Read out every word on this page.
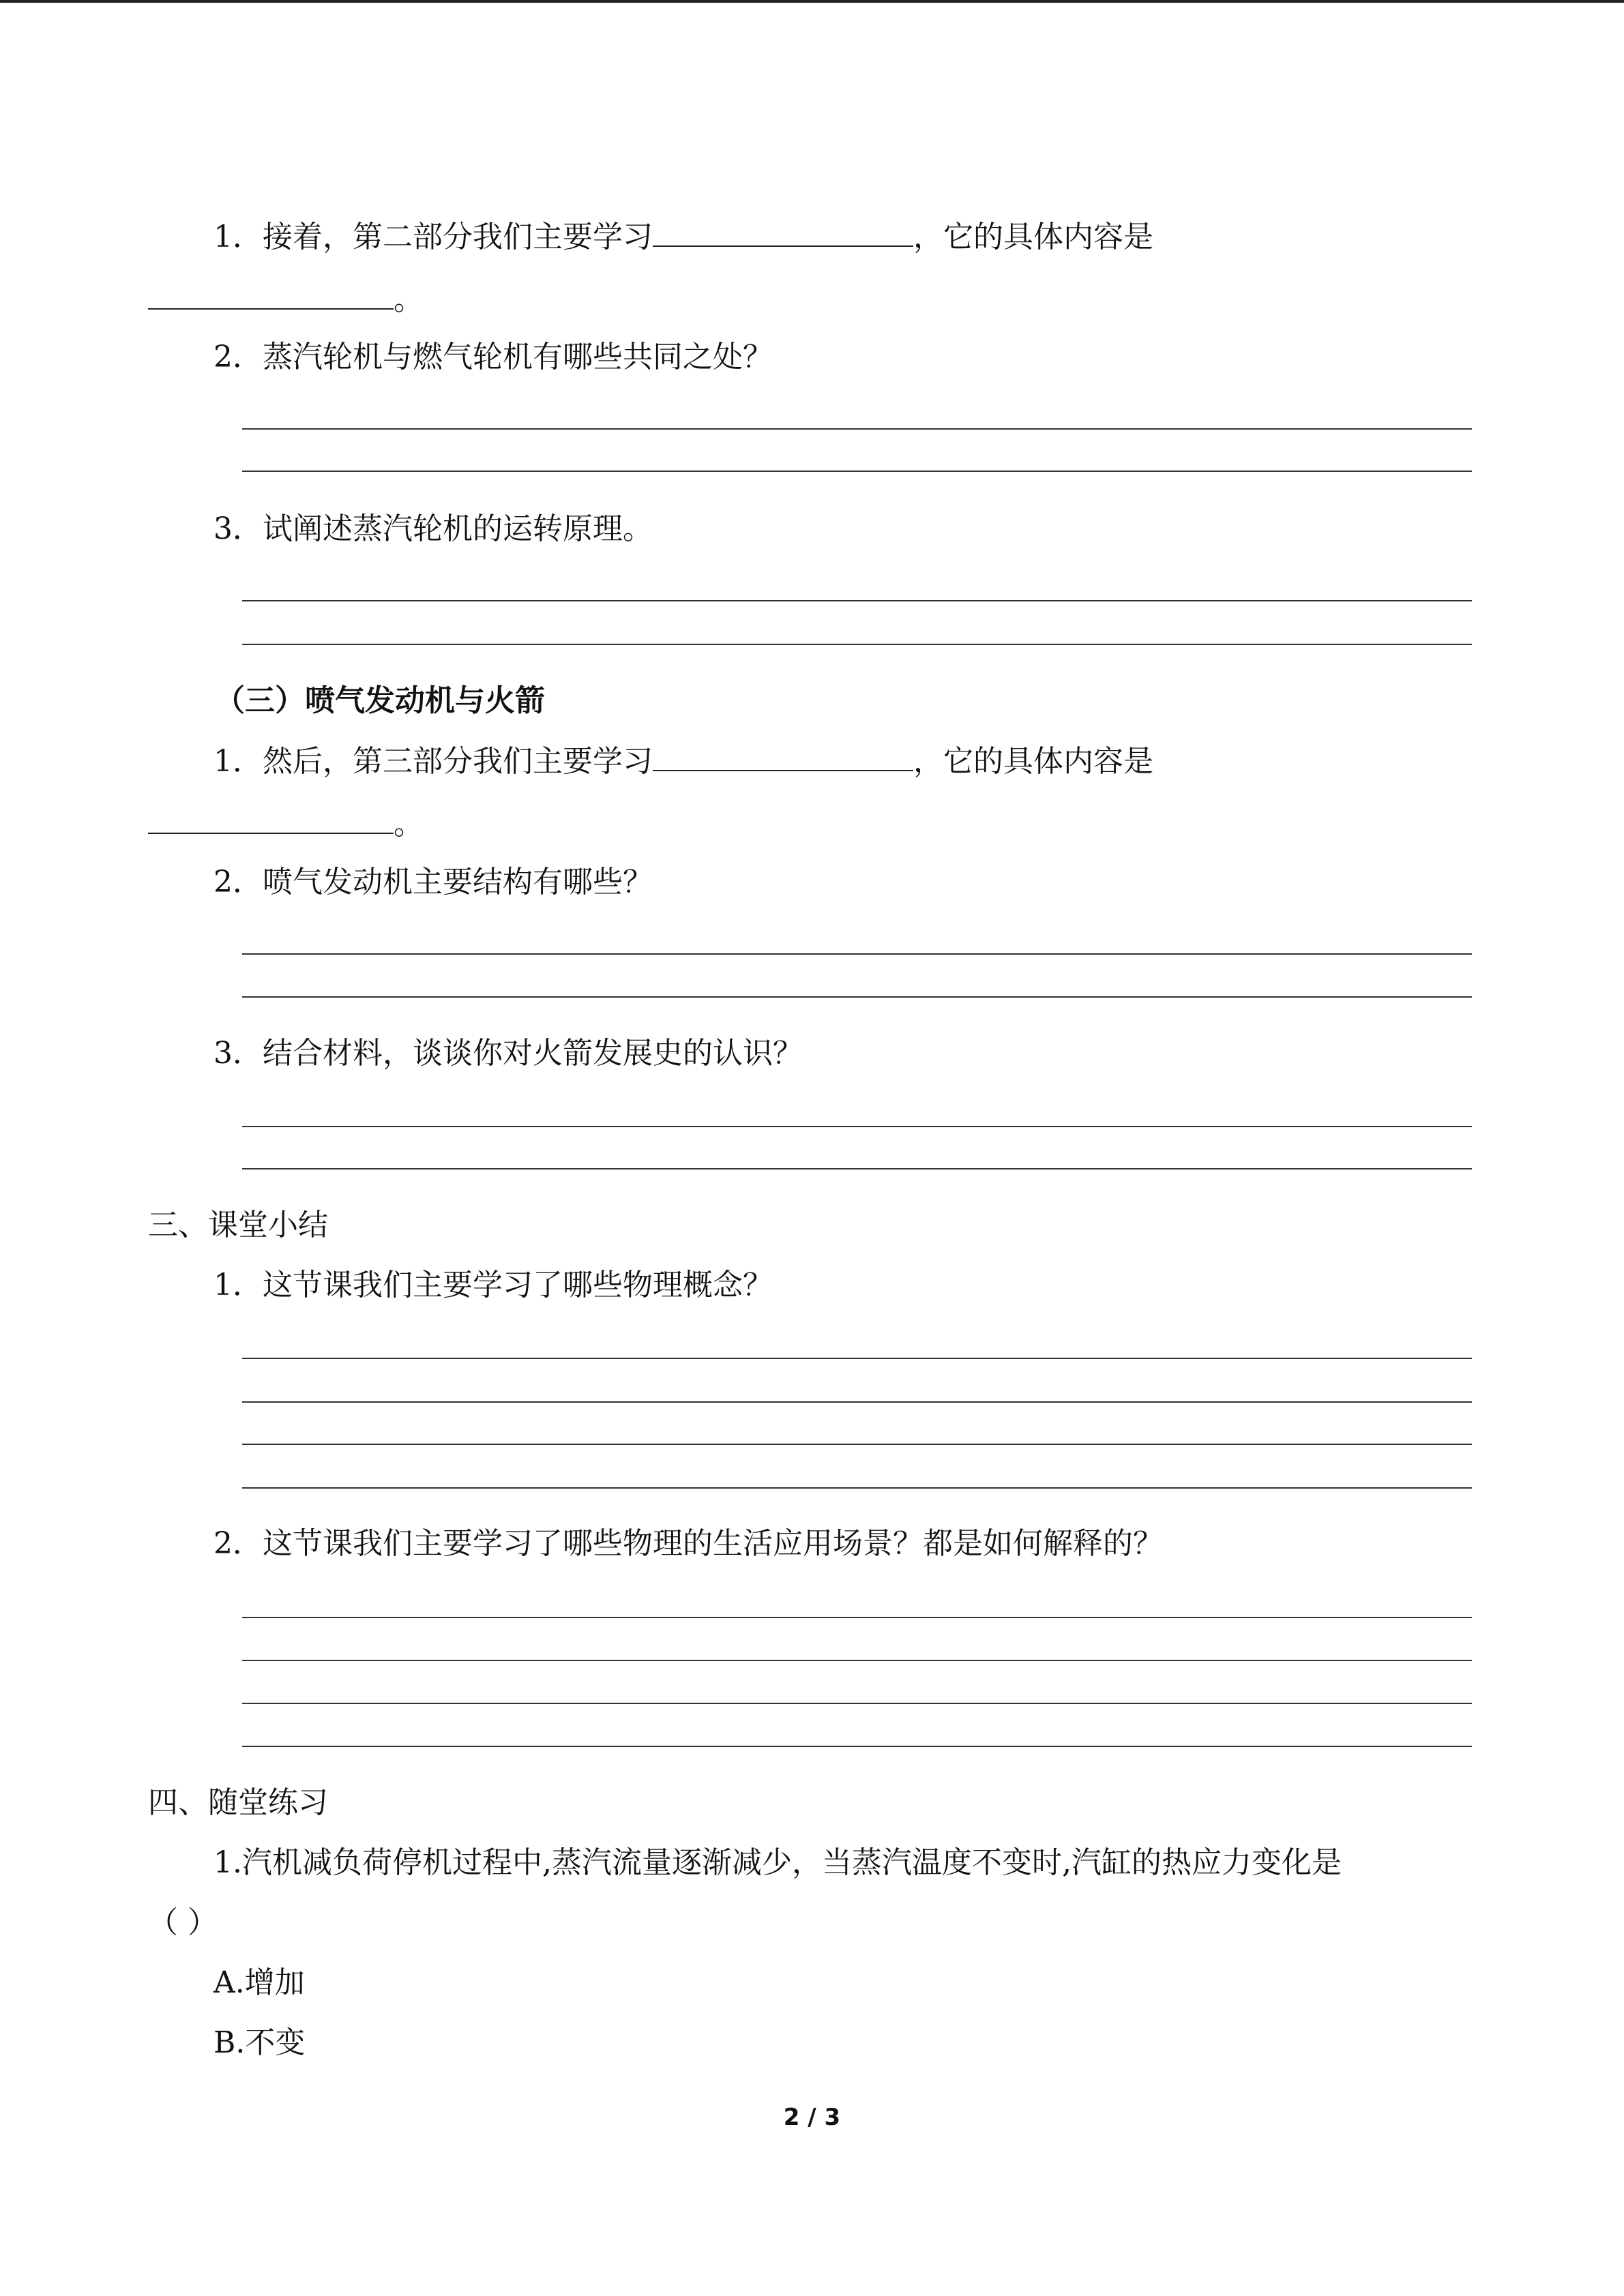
1．接着，第二部分我们主要学习	，它的具体内容是
。
2．蒸汽轮机与燃气轮机有哪些共同之处？
3．试阐述蒸汽轮机的运转原理。
（三）喷气发动机与火箭
1．然后，第三部分我们主要学习	，它的具体内容是
。
2．喷气发动机主要结构有哪些？
3．结合材料，谈谈你对火箭发展史的认识？
三、课堂小结
1．这节课我们主要学习了哪些物理概念？
2．这节课我们主要学习了哪些物理的生活应用场景？都是如何解释的？
四、随堂练习
1.汽机减负荷停机过程中,蒸汽流量逐渐减少，当蒸汽温度不变时,汽缸的热应力变化是
（ ）
A.增加
B.不变
2 / 3
